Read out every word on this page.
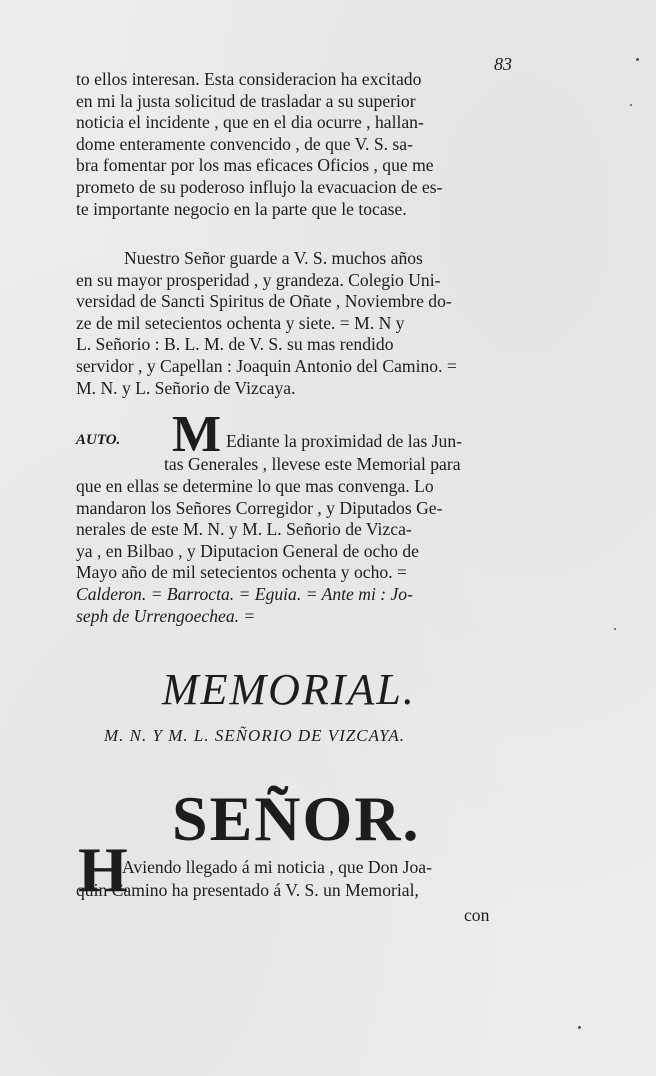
83
to ellos interesan. Esta consideracion ha excitado
en mi la justa solicitud de trasladar a su superior
noticia el incidente , que en el dia ocurre , hallan-
dome enteramente convencido , de que V. S. sa-
bra fomentar por los mas eficaces Oficios , que me
prometo de su poderoso influjo la evacuacion de es-
te importante negocio en la parte que le tocase.
Nuestro Señor guarde a V. S. muchos años
en su mayor prosperidad , y grandeza. Colegio Uni-
versidad de Sancti Spiritus de Oñate , Noviembre do-
ze de mil setecientos ochenta y siete. = M. N y
L. Señorio : B. L. M. de V. S. su mas rendido
servidor , y Capellan : Joaquin Antonio del Camino. =
M. N. y L. Señorio de Vizcaya.
AUTO. M Ediante la proximidad de las Jun-
tas Generales , llevese este Memorial para
que en ellas se determine lo que mas convenga. Lo
mandaron los Señores Corregidor , y Diputados Ge-
nerales de este M. N. y M. L. Señorio de Vizca-
ya , en Bilbao , y Diputacion General de ocho de
Mayo año de mil setecientos ochenta y ocho. =
Calderon. = Barrocta. = Eguia. = Ante mi : Jo-
seph de Urrengoechea. =
MEMORIAL.
M. N. Y M. L. SEÑORIO DE VIZCAYA.
SEÑOR.
H
Aviendo llegado á mi noticia , que Don Joa-
quin Camino ha presentado á V. S. un Memorial,
con
